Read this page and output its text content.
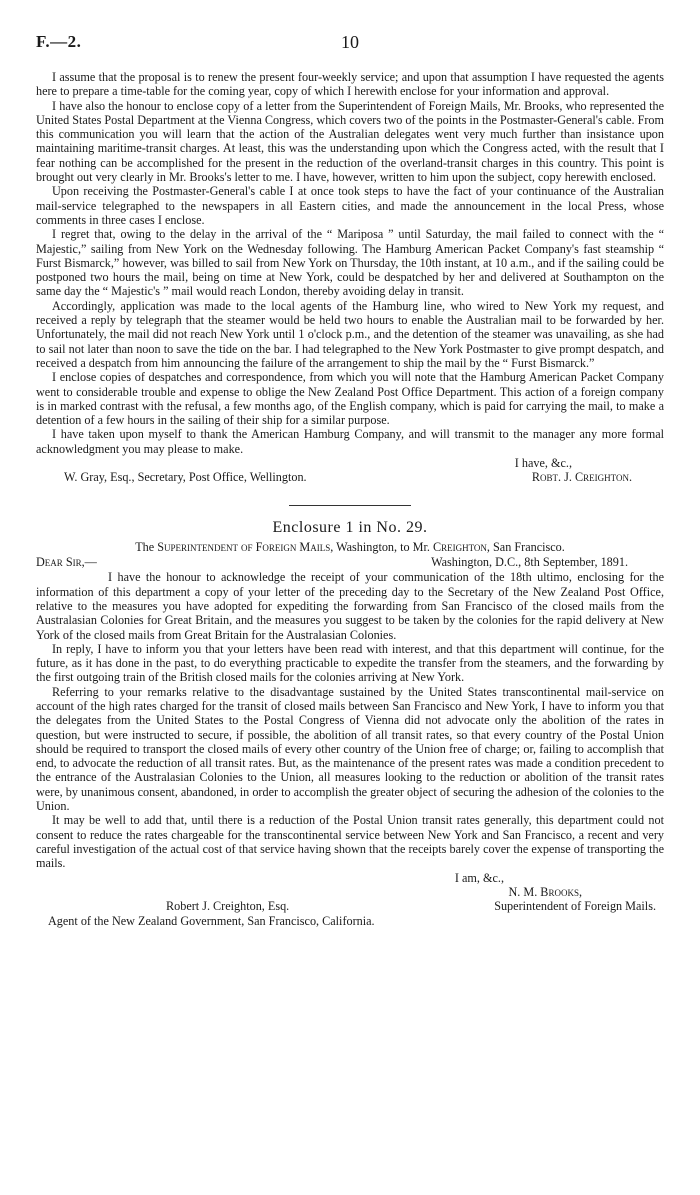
F.—2.	10

I assume that the proposal is to renew the present four-weekly service; and upon that assumption I have requested the agents here to prepare a time-table for the coming year, copy of which I herewith enclose for your information and approval.

I have also the honour to enclose copy of a letter from the Superintendent of Foreign Mails, Mr. Brooks, who represented the United States Postal Department at the Vienna Congress, which covers two of the points in the Postmaster-General's cable. From this communication you will learn that the action of the Australian delegates went very much further than insistance upon maintaining maritime-transit charges. At least, this was the understanding upon which the Congress acted, with the result that I fear nothing can be accomplished for the present in the reduction of the overland-transit charges in this country. This point is brought out very clearly in Mr. Brooks's letter to me. I have, however, written to him upon the subject, copy herewith enclosed.

Upon receiving the Postmaster-General's cable I at once took steps to have the fact of your continuance of the Australian mail-service telegraphed to the newspapers in all Eastern cities, and made the announcement in the local Press, whose comments in three cases I enclose.

I regret that, owing to the delay in the arrival of the “ Mariposa ” until Saturday, the mail failed to connect with the “ Majestic,” sailing from New York on the Wednesday following. The Hamburg American Packet Company's fast steamship “ Furst Bismarck,” however, was billed to sail from New York on Thursday, the 10th instant, at 10 a.m., and if the sailing could be postponed two hours the mail, being on time at New York, could be despatched by her and delivered at Southampton on the same day the “ Majestic's ” mail would reach London, thereby avoiding delay in transit.

Accordingly, application was made to the local agents of the Hamburg line, who wired to New York my request, and received a reply by telegraph that the steamer would be held two hours to enable the Australian mail to be forwarded by her. Unfortunately, the mail did not reach New York until 1 o'clock p.m., and the detention of the steamer was unavailing, as she had to sail not later than noon to save the tide on the bar. I had telegraphed to the New York Postmaster to give prompt despatch, and received a despatch from him announcing the failure of the arrangement to ship the mail by the “ Furst Bismarck.”

I enclose copies of despatches and correspondence, from which you will note that the Hamburg American Packet Company went to considerable trouble and expense to oblige the New Zealand Post Office Department. This action of a foreign company is in marked contrast with the refusal, a few months ago, of the English company, which is paid for carrying the mail, to make a detention of a few hours in the sailing of their ship for a similar purpose.

I have taken upon myself to thank the American Hamburg Company, and will transmit to the manager any more formal acknowledgment you may please to make.

I have, &c.,
W. Gray, Esq., Secretary, Post Office, Wellington.	Robt. J. Creighton.
Enclosure 1 in No. 29.
The Superintendent of Foreign Mails, Washington, to Mr. Creighton, San Francisco.
Dear Sir,—	Washington, D.C., 8th September, 1891.

I have the honour to acknowledge the receipt of your communication of the 18th ultimo, enclosing for the information of this department a copy of your letter of the preceding day to the Secretary of the New Zealand Post Office, relative to the measures you have adopted for expediting the forwarding from San Francisco of the closed mails from the Australasian Colonies for Great Britain, and the measures you suggest to be taken by the colonies for the rapid delivery at New York of the closed mails from Great Britain for the Australasian Colonies.

In reply, I have to inform you that your letters have been read with interest, and that this department will continue, for the future, as it has done in the past, to do everything practicable to expedite the transfer from the steamers, and the forwarding by the first outgoing train of the British closed mails for the colonies arriving at New York.

Referring to your remarks relative to the disadvantage sustained by the United States transcontinental mail-service on account of the high rates charged for the transit of closed mails between San Francisco and New York, I have to inform you that the delegates from the United States to the Postal Congress of Vienna did not advocate only the abolition of the rates in question, but were instructed to secure, if possible, the abolition of all transit rates, so that every country of the Postal Union should be required to transport the closed mails of every other country of the Union free of charge; or, failing to accomplish that end, to advocate the reduction of all transit rates. But, as the maintenance of the present rates was made a condition precedent to the entrance of the Australasian Colonies to the Union, all measures looking to the reduction or abolition of the transit rates were, by unanimous consent, abandoned, in order to accomplish the greater object of securing the adhesion of the colonies to the Union.

It may be well to add that, until there is a reduction of the Postal Union transit rates generally, this department could not consent to reduce the rates chargeable for the transcontinental service between New York and San Francisco, a recent and very careful investigation of the actual cost of that service having shown that the receipts barely cover the expense of transporting the mails.

I am, &c.,
N. M. Brooks,
Robert J. Creighton, Esq.	Superintendent of Foreign Mails.
Agent of the New Zealand Government, San Francisco, California.
